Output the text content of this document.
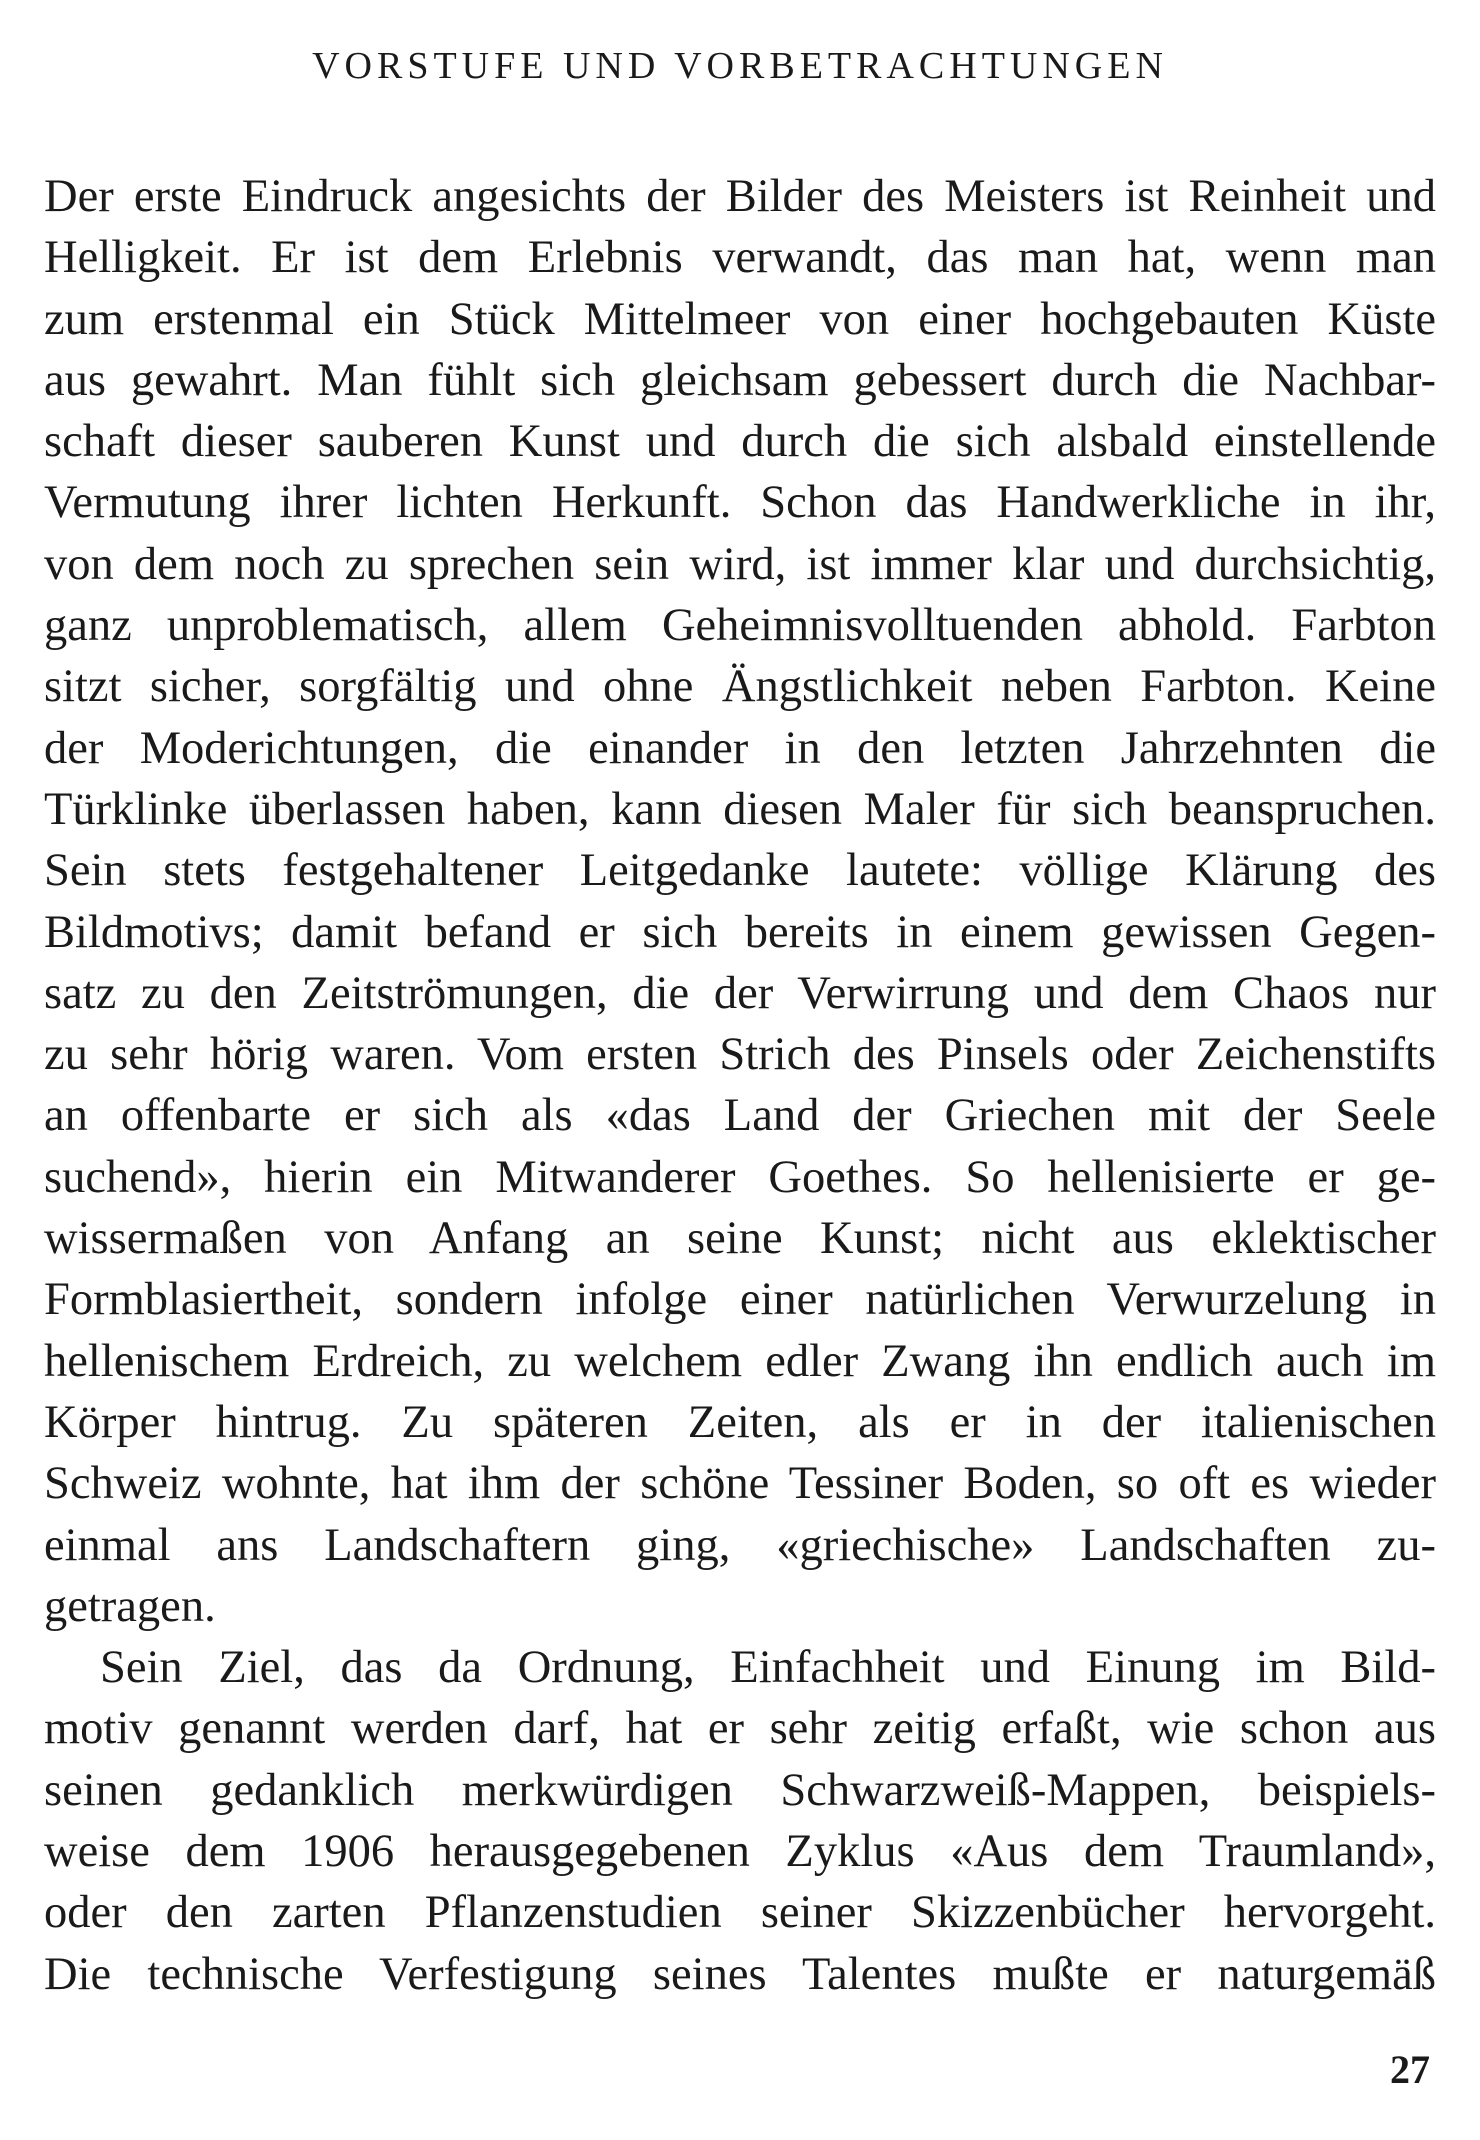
VORSTUFE UND VORBETRACHTUNGEN
Der erste Eindruck angesichts der Bilder des Meisters ist Reinheit und
Helligkeit. Er ist dem Erlebnis verwandt, das man hat, wenn man
zum erstenmal ein Stück Mittelmeer von einer hochgebauten Küste
aus gewahrt. Man fühlt sich gleichsam gebessert durch die Nachbar-
schaft dieser sauberen Kunst und durch die sich alsbald einstellende
Vermutung ihrer lichten Herkunft. Schon das Handwerkliche in ihr,
von dem noch zu sprechen sein wird, ist immer klar und durchsichtig,
ganz unproblematisch, allem Geheimnisvolltuenden abhold. Farbton
sitzt sicher, sorgfältig und ohne Ängstlichkeit neben Farbton. Keine
der Moderichtungen, die einander in den letzten Jahrzehnten die
Türklinke überlassen haben, kann diesen Maler für sich beanspruchen.
Sein stets festgehaltener Leitgedanke lautete: völlige Klärung des
Bildmotivs; damit befand er sich bereits in einem gewissen Gegen-
satz zu den Zeitströmungen, die der Verwirrung und dem Chaos nur
zu sehr hörig waren. Vom ersten Strich des Pinsels oder Zeichenstifts
an offenbarte er sich als «das Land der Griechen mit der Seele
suchend», hierin ein Mitwanderer Goethes. So hellenisierte er ge-
wissermaßen von Anfang an seine Kunst; nicht aus eklektischer
Formblasiertheit, sondern infolge einer natürlichen Verwurzelung in
hellenischem Erdreich, zu welchem edler Zwang ihn endlich auch im
Körper hintrug. Zu späteren Zeiten, als er in der italienischen
Schweiz wohnte, hat ihm der schöne Tessiner Boden, so oft es wieder
einmal ans Landschaftern ging, «griechische» Landschaften zu-
getragen.
Sein Ziel, das da Ordnung, Einfachheit und Einung im Bild-
motiv genannt werden darf, hat er sehr zeitig erfaßt, wie schon aus
seinen gedanklich merkwürdigen Schwarzweiß-Mappen, beispiels-
weise dem 1906 herausgegebenen Zyklus «Aus dem Traumland»,
oder den zarten Pflanzenstudien seiner Skizzenbücher hervorgeht.
Die technische Verfestigung seines Talentes mußte er naturgemäß

27
